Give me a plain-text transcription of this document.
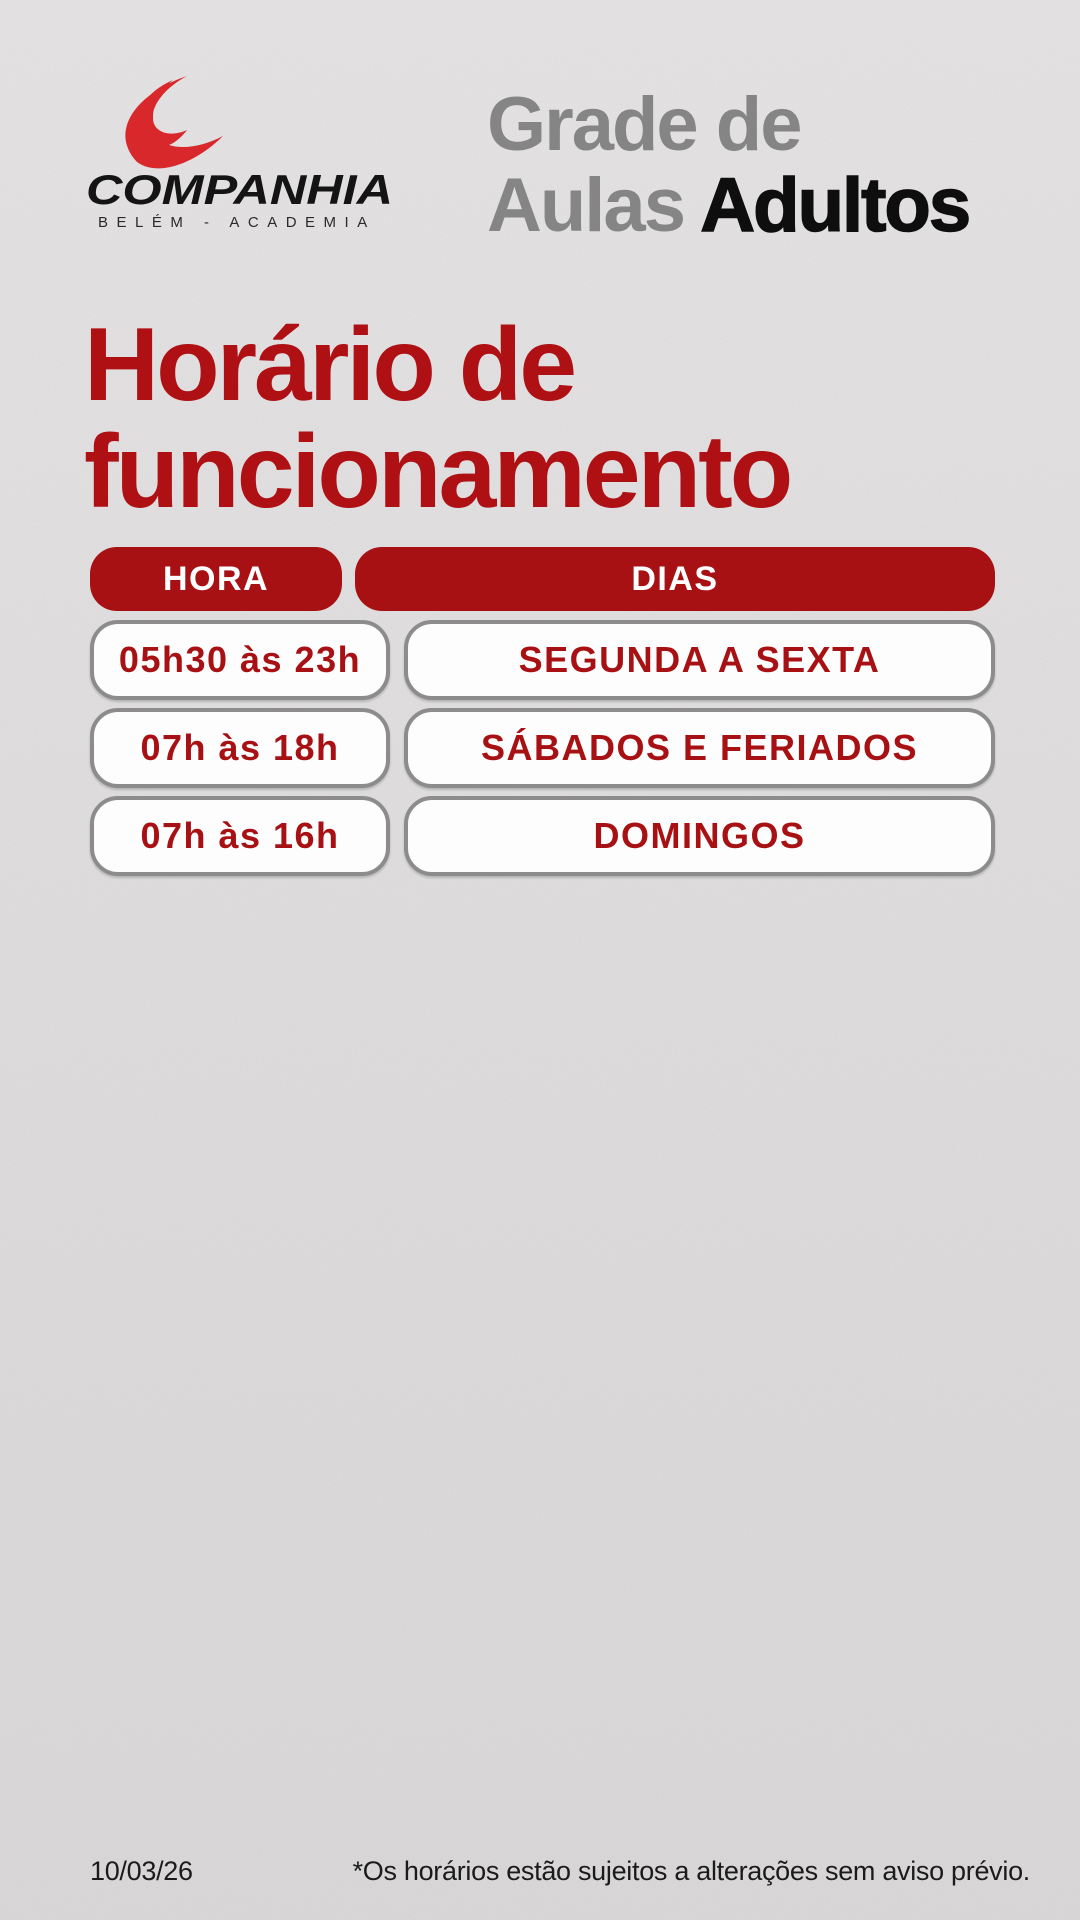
COMPANHIA
BELÉM - ACADEMIA
Grade de
Aulas Adultos
Horário de
funcionamento
HORA	DIAS
05h30 às 23h	SEGUNDA A SEXTA
07h às 18h	SÁBADOS E FERIADOS
07h às 16h	DOMINGOS
10/03/26	*Os horários estão sujeitos a alterações sem aviso prévio.
